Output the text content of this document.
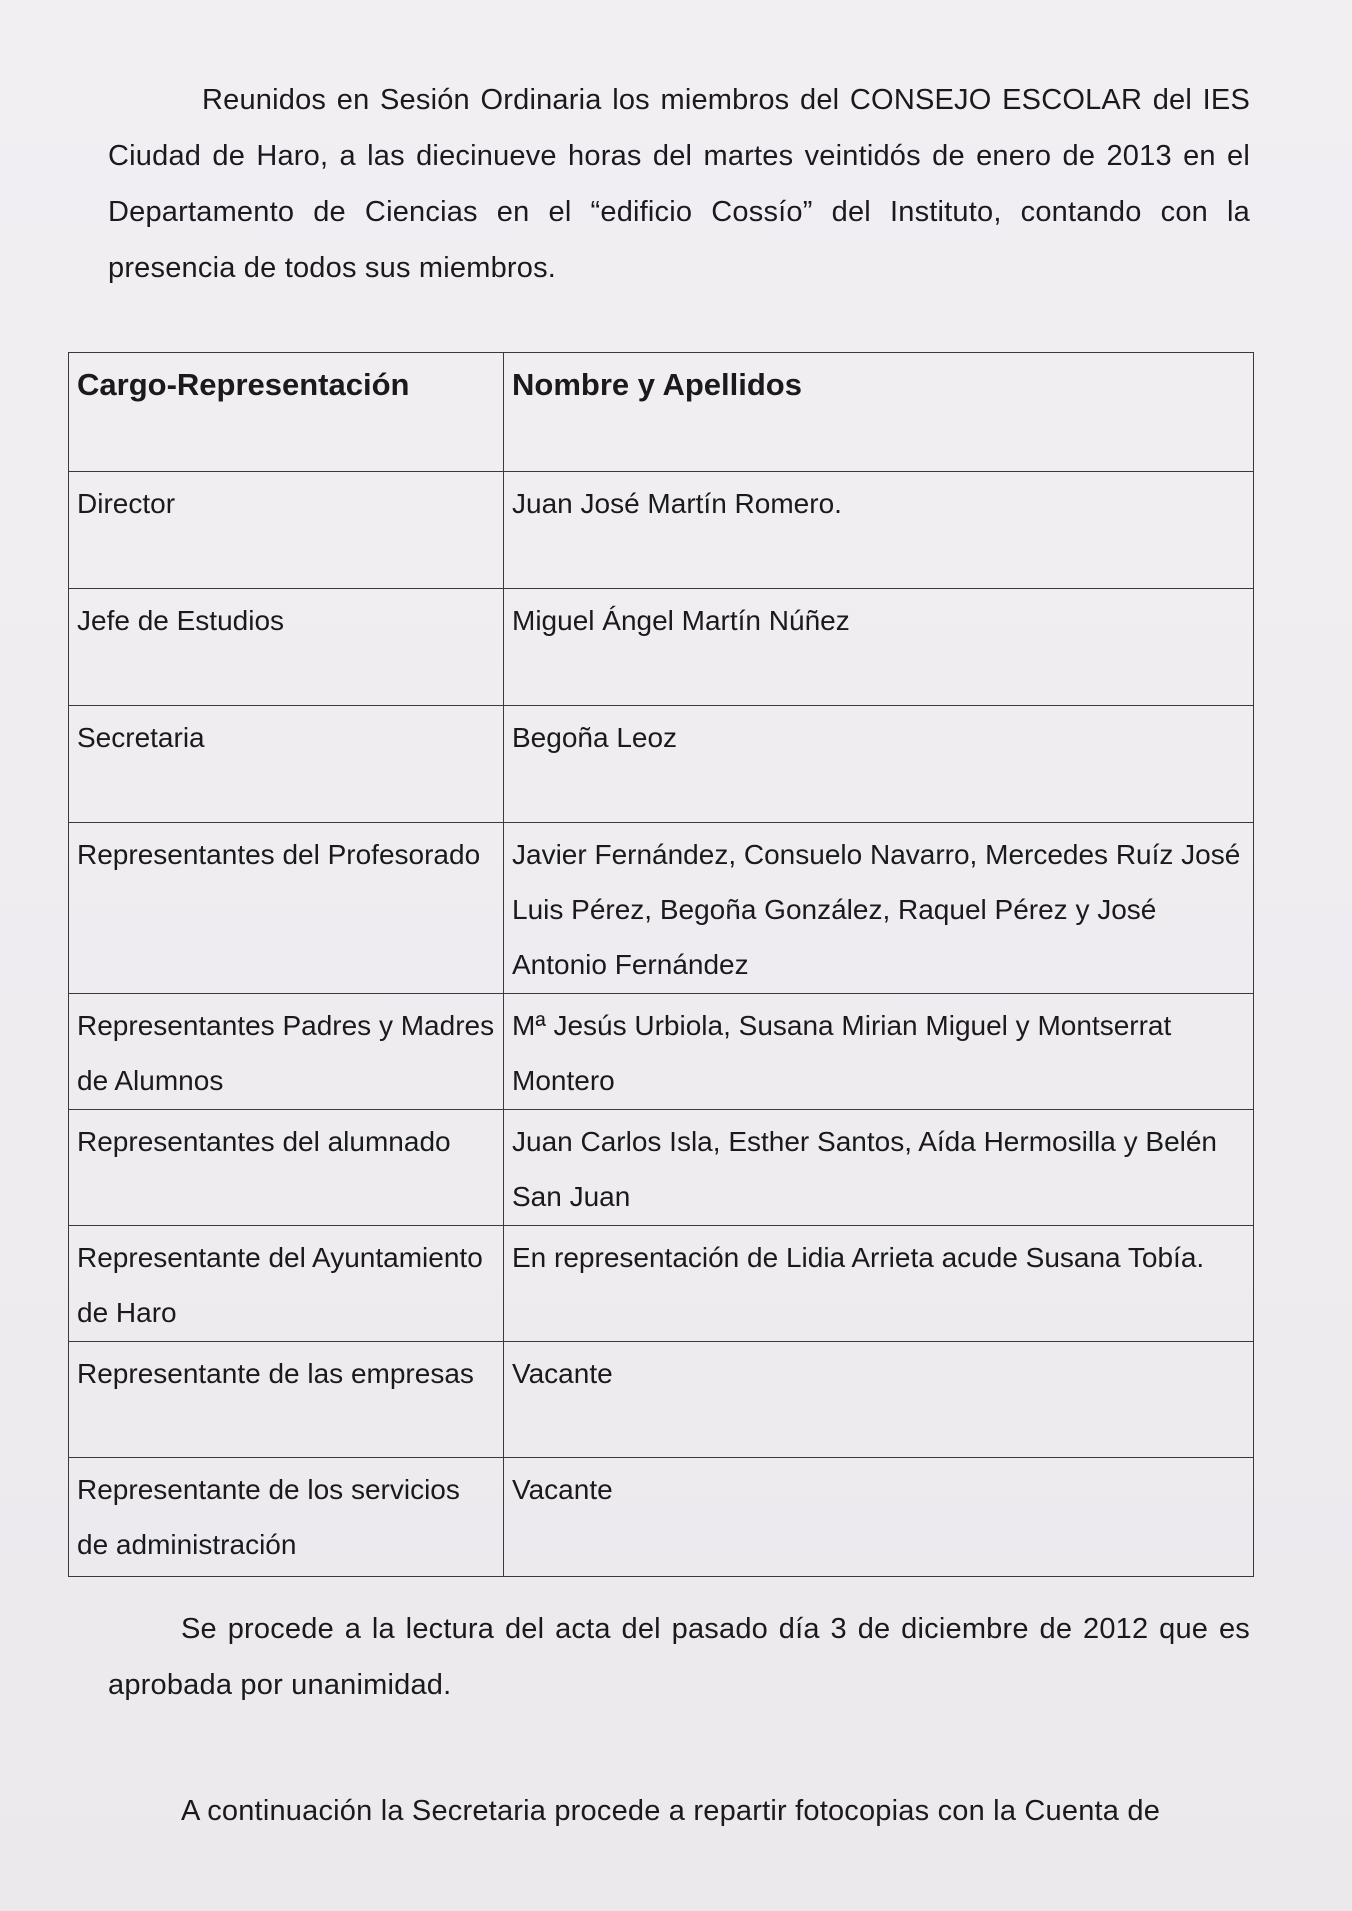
Reunidos en Sesión Ordinaria los miembros del CONSEJO ESCOLAR del IES Ciudad de Haro, a las diecinueve horas del martes veintidós de enero de 2013 en el Departamento de Ciencias en el “edificio Cossío” del Instituto, contando con la presencia de todos sus miembros.

Cargo-Representación	Nombre y Apellidos
Director	Juan José Martín Romero.
Jefe de Estudios	Miguel Ángel Martín Núñez
Secretaria	Begoña Leoz
Representantes del Profesorado	Javier Fernández, Consuelo Navarro, Mercedes Ruíz José Luis Pérez, Begoña González, Raquel Pérez y José Antonio Fernández
Representantes Padres y Madres de Alumnos	Mª Jesús Urbiola, Susana Mirian Miguel y Montserrat Montero
Representantes del alumnado	Juan Carlos Isla, Esther Santos, Aída Hermosilla y Belén San Juan
Representante del Ayuntamiento de Haro	En representación de Lidia Arrieta acude Susana Tobía.
Representante de las empresas	Vacante
Representante de los servicios de administración	Vacante

Se procede a la lectura del acta del pasado día 3 de diciembre de 2012 que es aprobada por unanimidad.

A continuación la Secretaria procede a repartir fotocopias con la Cuenta de
